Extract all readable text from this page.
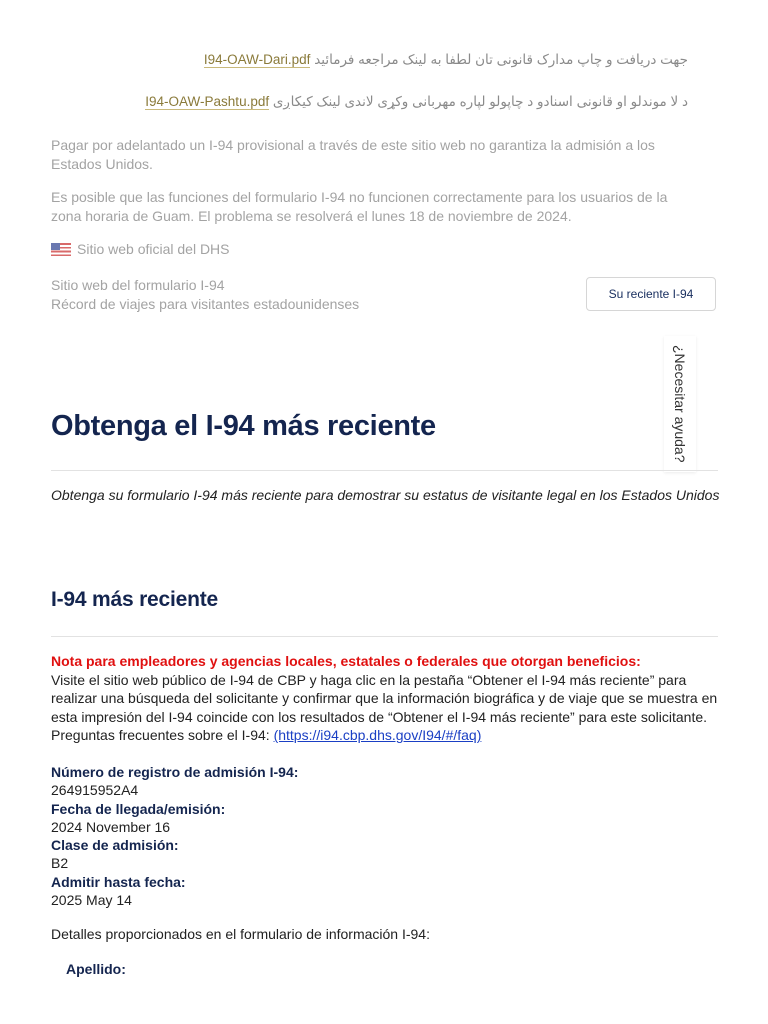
جهت دریافت و چاپ مدارک قانونی تان لطفا به لینک مراجعه فرمائید I94-OAW-Dari.pdf
د لا موندلو او قانونی اسنادو د چاپولو لپاره مهربانی وکړی لاندی لینک کیکاږی I94-OAW-Pashtu.pdf

Pagar por adelantado un I-94 provisional a través de este sitio web no garantiza la admisión a los Estados Unidos.

Es posible que las funciones del formulario I-94 no funcionen correctamente para los usuarios de la zona horaria de Guam. El problema se resolverá el lunes 18 de noviembre de 2024.

Sitio web oficial del DHS
Sitio web del formulario I-94
Récord de viajes para visitantes estadounidenses
Su reciente I-94
¿Necesitar ayuda?
Obtenga el I-94 más reciente

Obtenga su formulario I-94 más reciente para demostrar su estatus de visitante legal en los Estados Unidos

I-94 más reciente
Nota para empleadores y agencias locales, estatales o federales que otorgan beneficios:
Visite el sitio web público de I-94 de CBP y haga clic en la pestaña “Obtener el I-94 más reciente” para realizar una búsqueda del solicitante y confirmar que la información biográfica y de viaje que se muestra en esta impresión del I-94 coincide con los resultados de “Obtener el I-94 más reciente” para este solicitante. Preguntas frecuentes sobre el I-94: (https://i94.cbp.dhs.gov/I94/#/faq)
Número de registro de admisión I-94:
264915952A4
Fecha de llegada/emisión:
2024 November 16
Clase de admisión:
B2
Admitir hasta fecha:
2025 May 14
Detalles proporcionados en el formulario de información I-94:
Apellido:
